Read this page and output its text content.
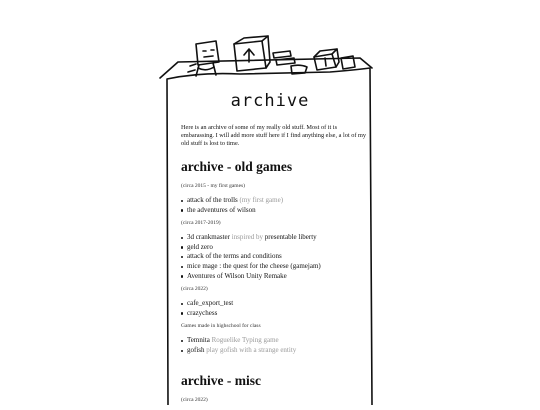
archive

Here is an archive of some of my really old stuff. Most of it is embarassing. I will add more stuff here if I find anything else, a lot of my old stuff is lost to time.

archive - old games
(circa 2015 - my first games)
attack of the trolls (my first game)
the adventures of wilson
(circa 2017-2019)
3d crankmaster inspired by presentable liberty
geld zero
attack of the terms and conditions
mice mage : the quest for the cheese (gamejam)
Aventures of Wilson Unity Remake
(circa 2022)
cafe_export_test
crazychess
Games made in highschool for class
Temnita Roguelike Typing game
gofish play gofish with a strange entity
archive - misc
(circa 2022)
